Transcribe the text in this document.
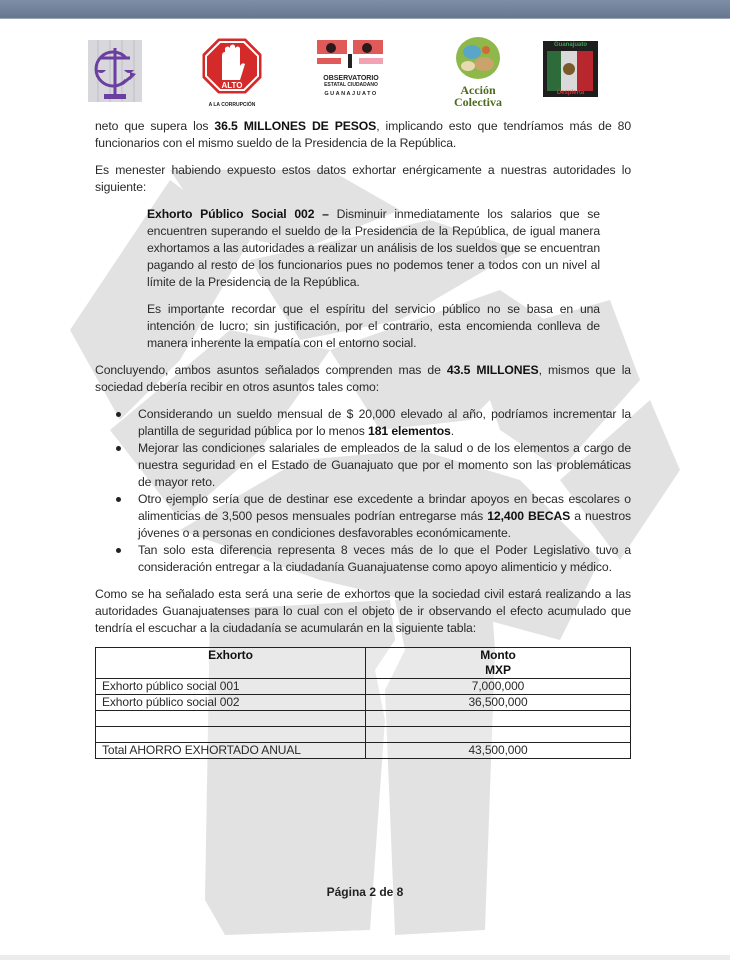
ALTO
A LA CORRUPCIÓN
OBSERVATORIO
ESTATAL CIUDADANO
GUANAJUATO	Acción
Colectiva
Guanajuato
Despierta

neto que supera los 36.5 MILLONES DE PESOS, implicando esto que tendríamos más de 80 funcionarios con el mismo sueldo de la Presidencia de la República.

Es menester habiendo expuesto estos datos exhortar enérgicamente a nuestras autoridades lo siguiente:

Exhorto Público Social 002 – Disminuir inmediatamente los salarios que se encuentren superando el sueldo de la Presidencia de la República, de igual manera exhortamos a las autoridades a realizar un análisis de los sueldos que se encuentran pagando al resto de los funcionarios pues no podemos tener a todos con un nivel al límite de la Presidencia de la República.

Es importante recordar que el espíritu del servicio público no se basa en una intención de lucro; sin justificación, por el contrario, esta encomienda conlleva de manera inherente la empatía con el entorno social.

Concluyendo, ambos asuntos señalados comprenden mas de 43.5 MILLONES, mismos que la sociedad debería recibir en otros asuntos tales como:

Considerando un sueldo mensual de $ 20,000 elevado al año, podríamos incrementar la plantilla de seguridad pública por lo menos 181 elementos.
Mejorar las condiciones salariales de empleados de la salud o de los elementos a cargo de nuestra seguridad en el Estado de Guanajuato que por el momento son las problemáticas de mayor reto.
Otro ejemplo sería que de destinar ese excedente a brindar apoyos en becas escolares o alimenticias de 3,500 pesos mensuales podrían entregarse más 12,400 BECAS a nuestros jóvenes o a personas en condiciones desfavorables económicamente.
Tan solo esta diferencia representa 8 veces más de lo que el Poder Legislativo tuvo a consideración entregar a la ciudadanía Guanajuatense como apoyo alimenticio y médico.

Como se ha señalado esta será una serie de exhortos que la sociedad civil estará realizando a las autoridades Guanajuatenses para lo cual con el objeto de ir observando el efecto acumulado que tendría el escuchar a la ciudadanía se acumularán en la siguiente tabla:

Exhorto	Monto
MXP
Exhorto público social 001	7,000,000
Exhorto público social 002	36,500,000

Total AHORRO EXHORTADO ANUAL	43,500,000
Página 2 de 8
